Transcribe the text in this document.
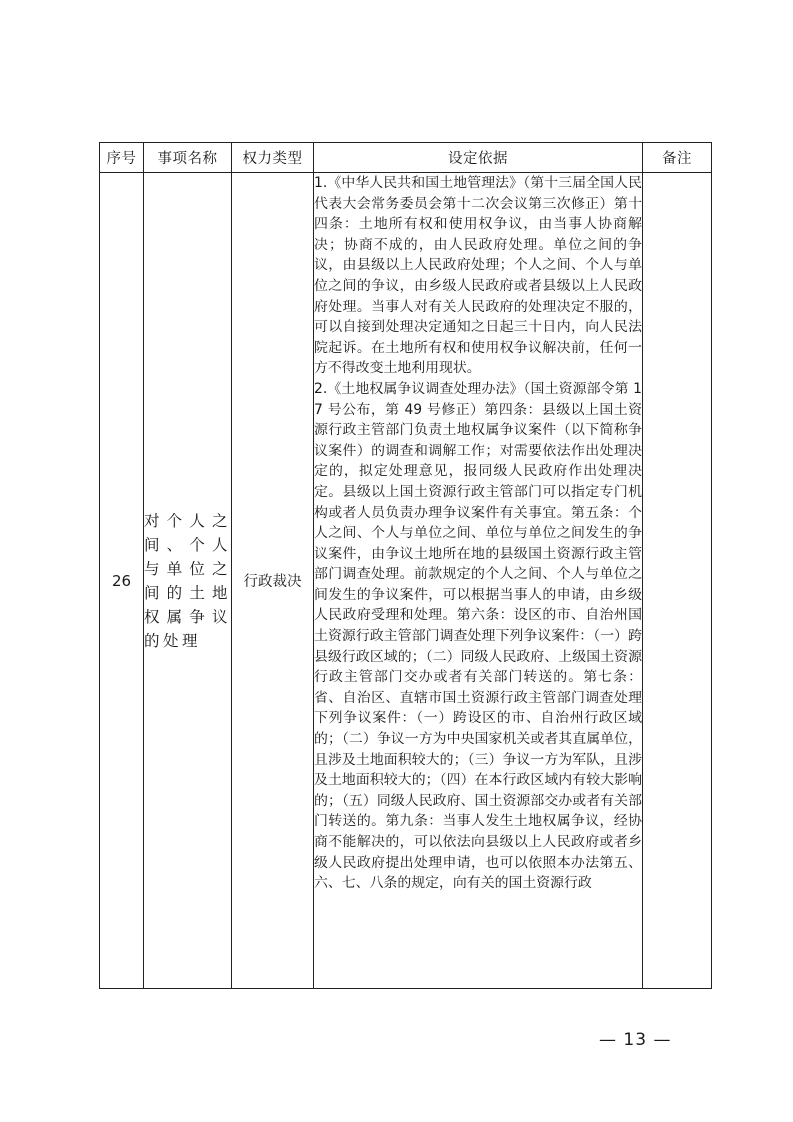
序号	事项名称	权力类型	设定依据	备注
26	对个人之间、个人与单位之间的土地权属争议的处理	行政裁决	1.《中华人民共和国土地管理法》（第十三届全国人民代表大会常务委员会第十二次会议第三次修正）第十四条：土地所有权和使用权争议，由当事人协商解决；协商不成的，由人民政府处理。单位之间的争议，由县级以上人民政府处理；个人之间、个人与单位之间的争议，由乡级人民政府或者县级以上人民政府处理。当事人对有关人民政府的处理决定不服的，可以自接到处理决定通知之日起三十日内，向人民法院起诉。在土地所有权和使用权争议解决前，任何一方不得改变土地利用现状。

2.《土地权属争议调查处理办法》（国土资源部令第 17 号公布，第 49 号修正）第四条：县级以上国土资源行政主管部门负责土地权属争议案件（以下简称争议案件）的调查和调解工作；对需要依法作出处理决定的，拟定处理意见，报同级人民政府作出处理决定。县级以上国土资源行政主管部门可以指定专门机构或者人员负责办理争议案件有关事宜。第五条：个人之间、个人与单位之间、单位与单位之间发生的争议案件，由争议土地所在地的县级国土资源行政主管部门调查处理。前款规定的个人之间、个人与单位之间发生的争议案件，可以根据当事人的申请，由乡级人民政府受理和处理。第六条：设区的市、自治州国土资源行政主管部门调查处理下列争议案件：（一）跨县级行政区域的；（二）同级人民政府、上级国土资源行政主管部门交办或者有关部门转送的。第七条：省、自治区、直辖市国土资源行政主管部门调查处理下列争议案件：（一）跨设区的市、自治州行政区域的；（二）争议一方为中央国家机关或者其直属单位，且涉及土地面积较大的；（三）争议一方为军队，且涉及土地面积较大的；（四）在本行政区域内有较大影响的；（五）同级人民政府、国土资源部交办或者有关部门转送的。第九条：当事人发生土地权属争议，经协商不能解决的，可以依法向县级以上人民政府或者乡级人民政府提出处理申请，也可以依照本办法第五、六、七、八条的规定，向有关的国土资源行政	

— 13 —
